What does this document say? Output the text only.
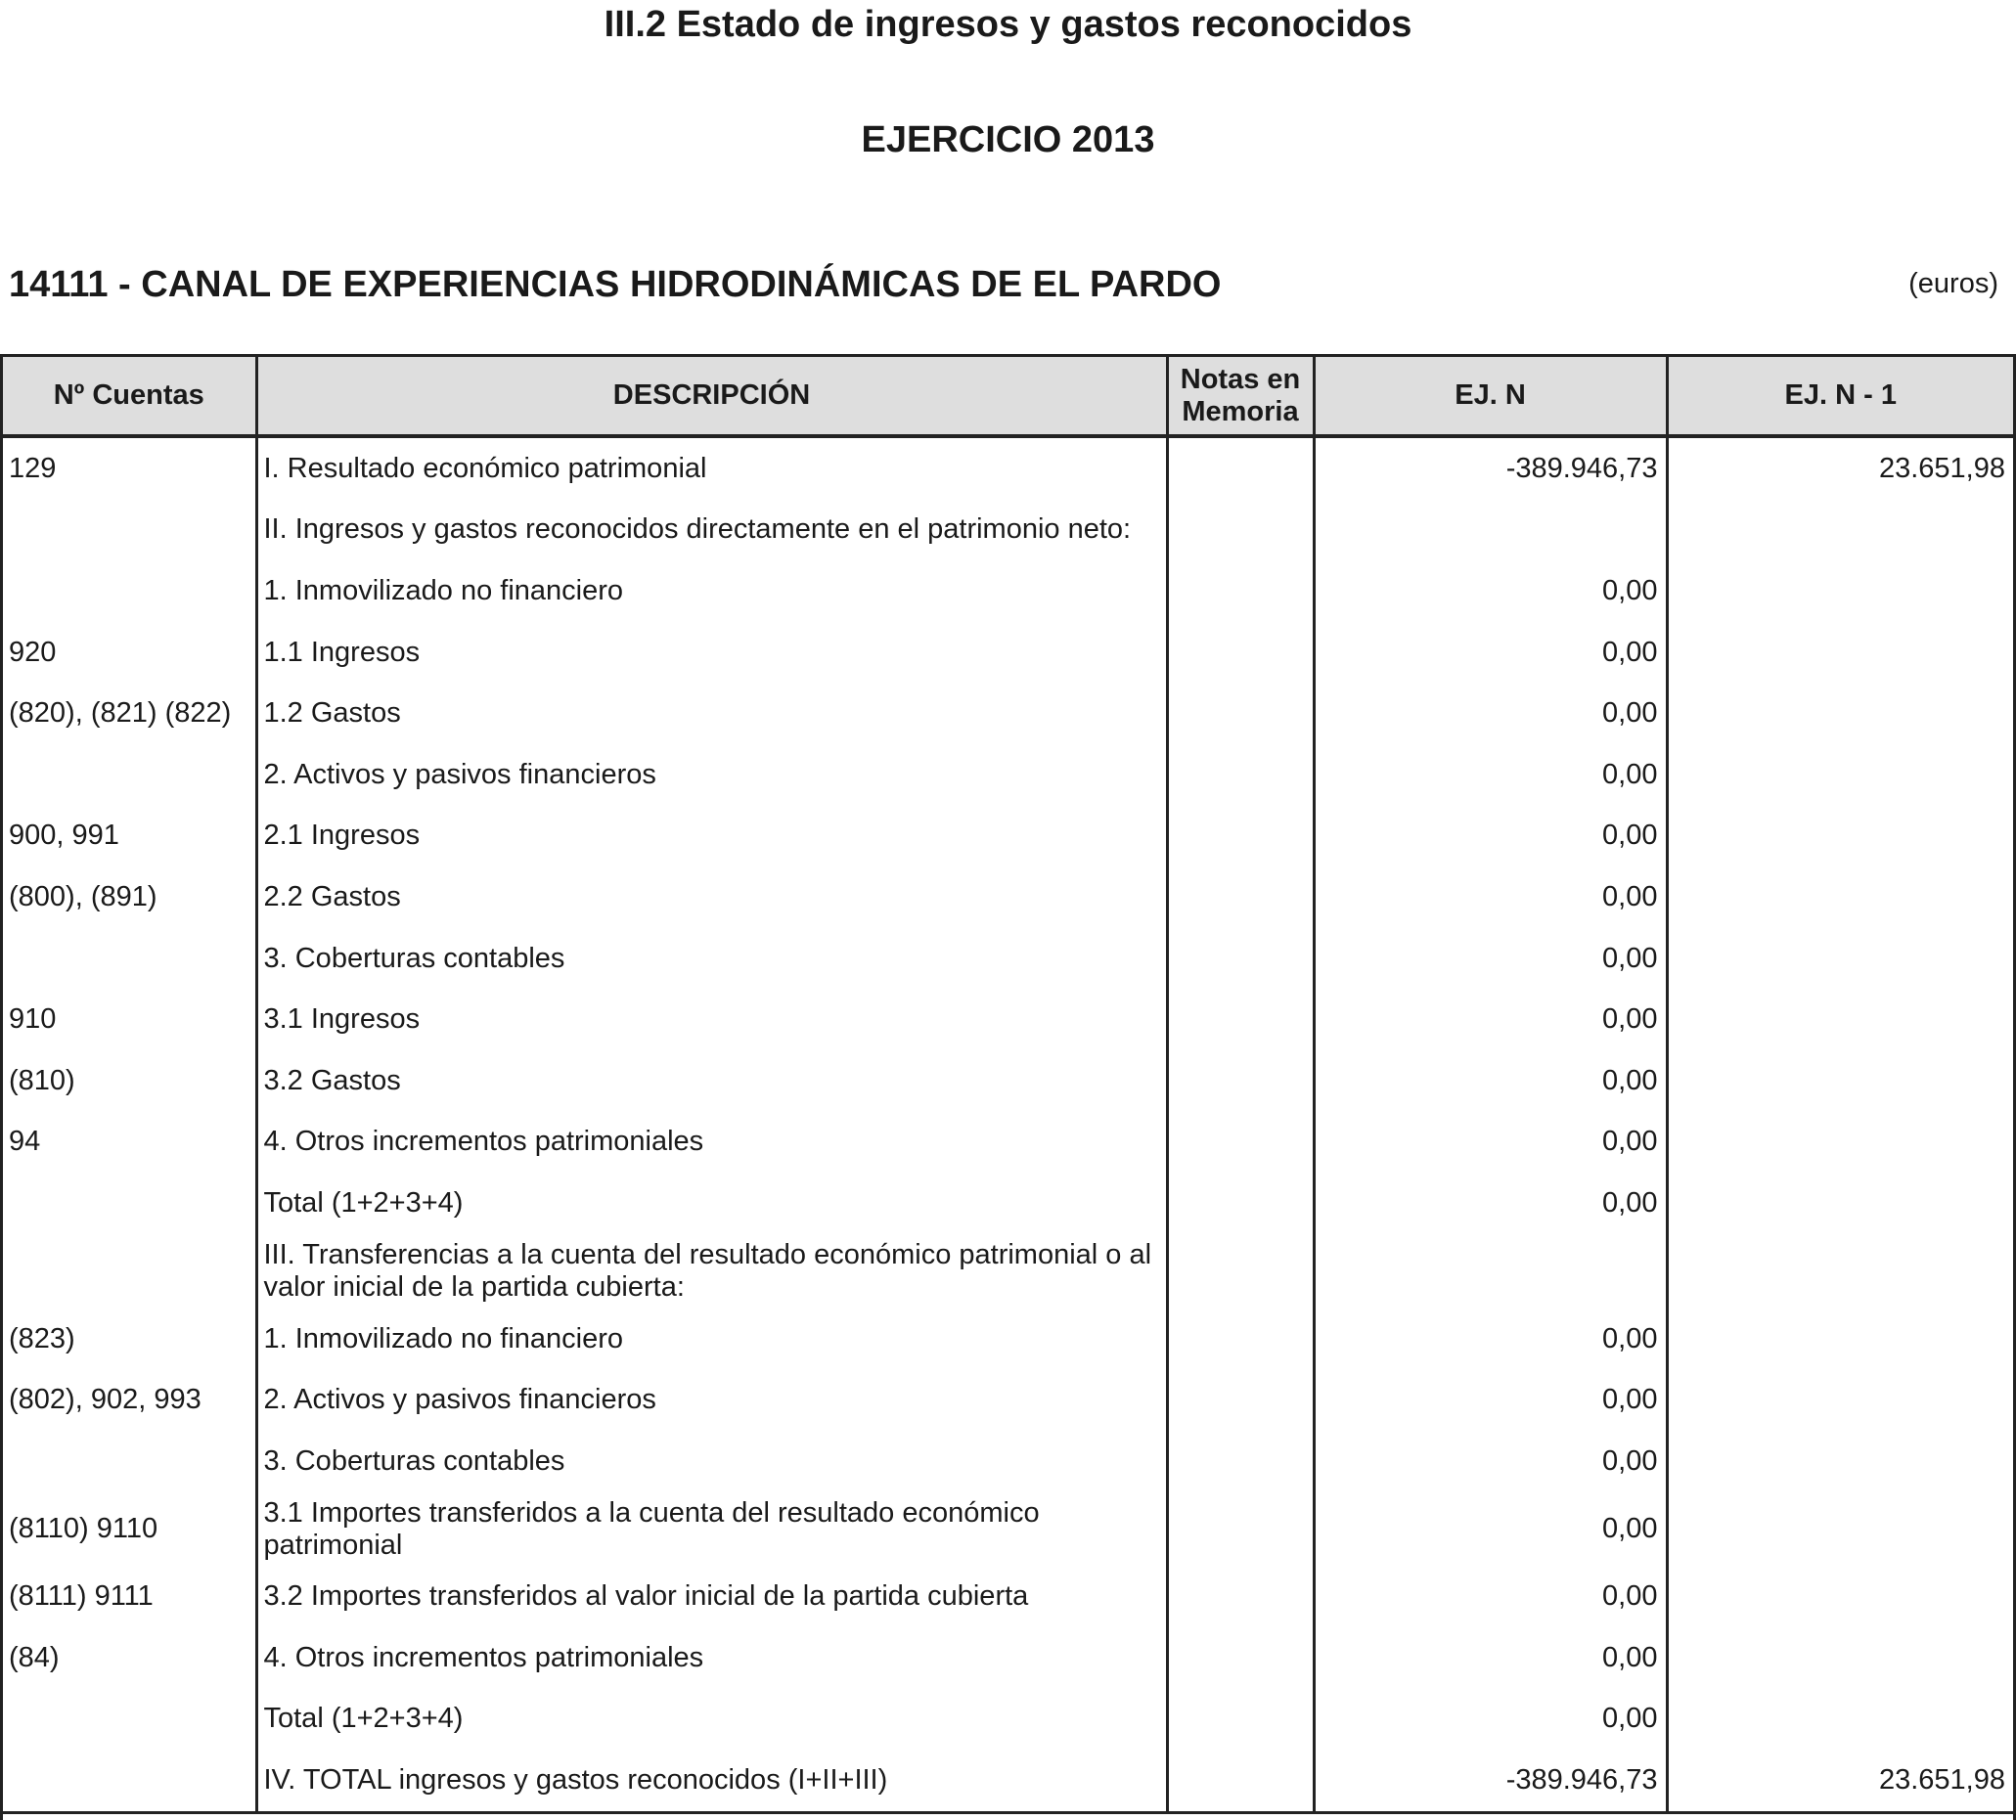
III.2 Estado de ingresos y gastos reconocidos
EJERCICIO 2013
14111 - CANAL DE EXPERIENCIAS HIDRODINÁMICAS DE EL PARDO	(euros)
Nº Cuentas	DESCRIPCIÓN	Notas en Memoria	EJ. N	EJ. N - 1
129	I. Resultado económico patrimonial		-389.946,73	23.651,98
	II. Ingresos y gastos reconocidos directamente en el patrimonio neto:			
	1. Inmovilizado no financiero		0,00	
920	1.1 Ingresos		0,00	
(820), (821) (822)	1.2 Gastos		0,00	
	2. Activos y pasivos financieros		0,00	
900, 991	2.1 Ingresos		0,00	
(800), (891)	2.2 Gastos		0,00	
	3. Coberturas contables		0,00	
910	3.1 Ingresos		0,00	
(810)	3.2 Gastos		0,00	
94	4. Otros incrementos patrimoniales		0,00	
	Total (1+2+3+4)		0,00	
	III. Transferencias a la cuenta del resultado económico patrimonial o al valor inicial de la partida cubierta:			
(823)	1. Inmovilizado no financiero		0,00	
(802), 902, 993	2. Activos y pasivos financieros		0,00	
	3. Coberturas contables		0,00	
(8110) 9110	3.1 Importes transferidos a la cuenta del resultado económico patrimonial		0,00	
(8111) 9111	3.2 Importes transferidos al valor inicial de la partida cubierta		0,00	
(84)	4. Otros incrementos patrimoniales		0,00	
	Total (1+2+3+4)		0,00	
	IV. TOTAL ingresos y gastos reconocidos (I+II+III)		-389.946,73	23.651,98
